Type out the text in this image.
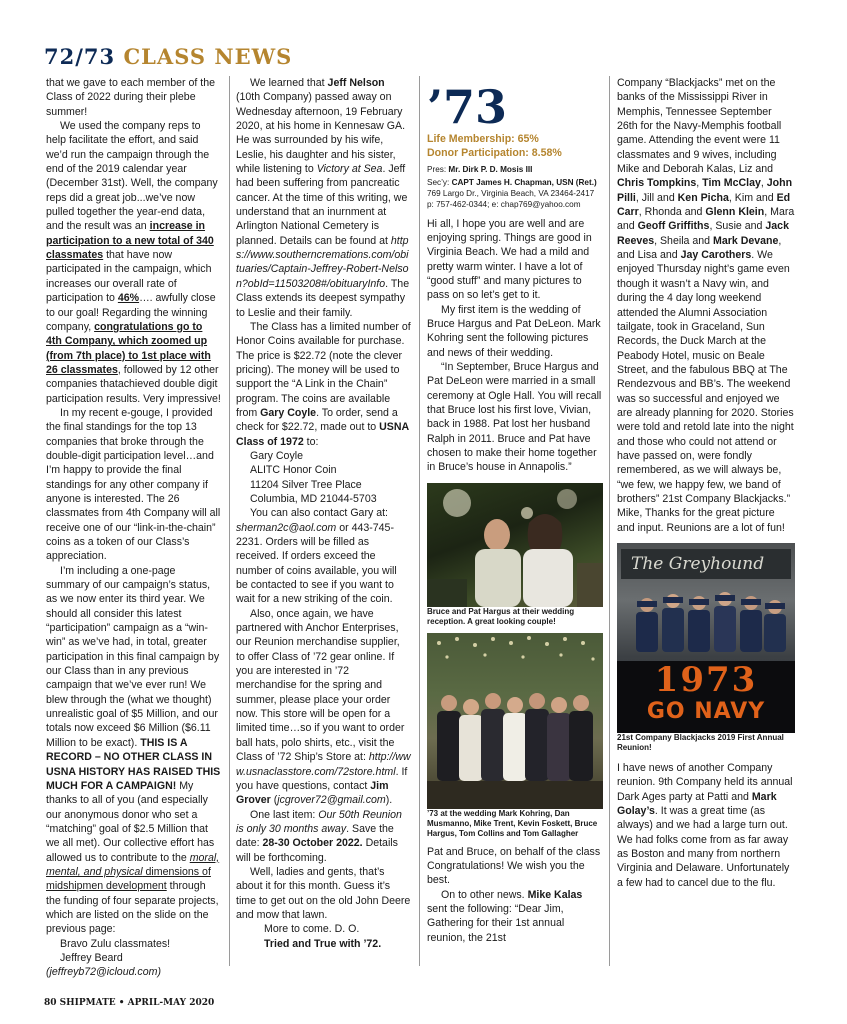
72/73 CLASS NEWS

that we gave to each member of the Class of 2022 during their plebe summer!

We used the company reps to help facilitate the effort, and said we’d run the campaign through the end of the 2019 calendar year (December 31st). Well, the company reps did a great job...we’ve now pulled together the year-end data, and the result was an increase in participation to a new total of 340 classmates that have now participated in the campaign, which increases our overall rate of participation to 46%…. awfully close to our goal! Regarding the winning company, congratulations go to 4th Company, which zoomed up (from 7th place) to 1st place with 26 classmates, followed by 12 other companies thatachieved double digit participation results. Very impressive!

In my recent e-gouge, I provided the final standings for the top 13 companies that broke through the double-digit participation level…and I’m happy to provide the final standings for any other company if anyone is interested. The 26 classmates from 4th Company will all receive one of our “link-in-the-chain” coins as a token of our Class’s appreciation.

I’m including a one-page summary of our campaign’s status, as we now enter its third year. We should all consider this latest “participation” campaign as a “win-win” as we’ve had, in total, greater participation in this final campaign by our Class than in any previous campaign that we’ve ever run! We blew through the (what we thought) unrealistic goal of $5 Million, and our totals now exceed $6 Million ($6.11 Million to be exact). THIS IS A RECORD – NO OTHER CLASS IN USNA HISTORY HAS RAISED THIS MUCH FOR A CAMPAIGN! My thanks to all of you (and especially our anonymous donor who set a “matching” goal of $2.5 Million that we all met). Our collective effort has allowed us to contribute to the moral, mental, and physical dimensions of midshipmen development through the funding of four separate projects, which are listed on the slide on the previous page:

Bravo Zulu classmates!

Jeffrey Beard

(jeffreyb72@icloud.com)

We learned that Jeff Nelson (10th Company) passed away on Wednesday afternoon, 19 February 2020, at his home in Kennesaw GA. He was surrounded by his wife, Leslie, his daughter and his sister, while listening to Victory at Sea. Jeff had been suffering from pancreatic cancer. At the time of this writing, we understand that an inurnment at Arlington National Cemetery is planned. Details can be found at https://www.southerncremations.com/obituaries/Captain-Jeffrey-Robert-Nelson?obId=11503208#/obituaryInfo. The Class extends its deepest sympathy to Leslie and their family.

The Class has a limited number of Honor Coins available for purchase. The price is $22.72 (note the clever pricing). The money will be used to support the “A Link in the Chain” program. The coins are available from Gary Coyle. To order, send a check for $22.72, made out to USNA Class of 1972 to:

Gary Coyle

ALITC Honor Coin

11204 Silver Tree Place

Columbia, MD 21044-5703

You can also contact Gary at: sherman2c@aol.com or 443-745-2231. Orders will be filled as received. If orders exceed the number of coins available, you will be contacted to see if you want to wait for a new striking of the coin.

Also, once again, we have partnered with Anchor Enterprises, our Reunion merchandise supplier, to offer Class of ’72 gear online. If you are interested in ’72 merchandise for the spring and summer, please place your order now. This store will be open for a limited time…so if you want to order ball hats, polo shirts, etc., visit the Class of ’72 Ship’s Store at: http://www.usnaclasstore.com/72store.html. If you have questions, contact Jim Grover (jcgrover72@gmail.com).

One last item: Our 50th Reunion is only 30 months away. Save the date: 28-30 October 2022. Details will be forthcoming.

Well, ladies and gents, that’s about it for this month. Guess it’s time to get out on the old John Deere and mow that lawn.

More to come. D. O.

Tried and True with ’72.

’73

Life Membership: 65%

Donor Participation: 8.58%

Pres: Mr. Dirk P. D. Mosis III

Sec’y: CAPT James H. Chapman, USN (Ret.)

769 Largo Dr., Virginia Beach, VA 23464-2417

p: 757-462-0344; e: chap769@yahoo.com

Hi all, I hope you are well and are enjoying spring. Things are good in Virginia Beach. We had a mild and pretty warm winter. I have a lot of “good stuff” and many pictures to pass on so let’s get to it.

My first item is the wedding of Bruce Hargus and Pat DeLeon. Mark Kohring sent the following pictures and news of their wedding.

“In September, Bruce Hargus and Pat DeLeon were married in a small ceremony at Ogle Hall. You will recall that Bruce lost his first love, Vivian, back in 1988. Pat lost her husband Ralph in 2011. Bruce and Pat have chosen to make their home together in Bruce’s house in Annapolis.”

Bruce and Pat Hargus at their wedding reception. A great looking couple!

’73 at the wedding Mark Kohring, Dan Musmanno, Mike Trent, Kevin Foskett, Bruce Hargus, Tom Collins and Tom Gallagher

Pat and Bruce, on behalf of the class Congratulations! We wish you the best.

On to other news. Mike Kalas sent the following: “Dear Jim, Gathering for their 1st annual reunion, the 21st

Company “Blackjacks” met on the banks of the Mississippi River in Memphis, Tennessee September 26th for the Navy-Memphis football game. Attending the event were 11 classmates and 9 wives, including Mike and Deborah Kalas, Liz and Chris Tompkins, Tim McClay, John Pilli, Jill and Ken Picha, Kim and Ed Carr, Rhonda and Glenn Klein, Mara and Geoff Griffiths, Susie and Jack Reeves, Sheila and Mark Devane, and Lisa and Jay Carothers. We enjoyed Thursday night’s game even though it wasn’t a Navy win, and during the 4 day long weekend attended the Alumni Association tailgate, took in Graceland, Sun Records, the Duck March at the Peabody Hotel, music on Beale Street, and the fabulous BBQ at The Rendezvous and BB’s. The weekend was so successful and enjoyed we are already planning for 2020. Stories were told and retold late into the night and those who could not attend or have passed on, were fondly remembered, as we will always be, “we few, we happy few, we band of brothers” 21st Company Blackjacks.” Mike, Thanks for the great picture and input. Reunions are a lot of fun!

The Greyhound
1973
GO NAVY

21st Company Blackjacks 2019 First Annual Reunion!

I have news of another Company reunion. 9th Company held its annual Dark Ages party at Patti and Mark Golay’s. It was a great time (as always) and we had a large turn out. We had folks come from as far away as Boston and many from northern Virginia and Delaware. Unfortunately a few had to cancel due to the flu.

80 SHIPMATE • APRIL-MAY 2020
